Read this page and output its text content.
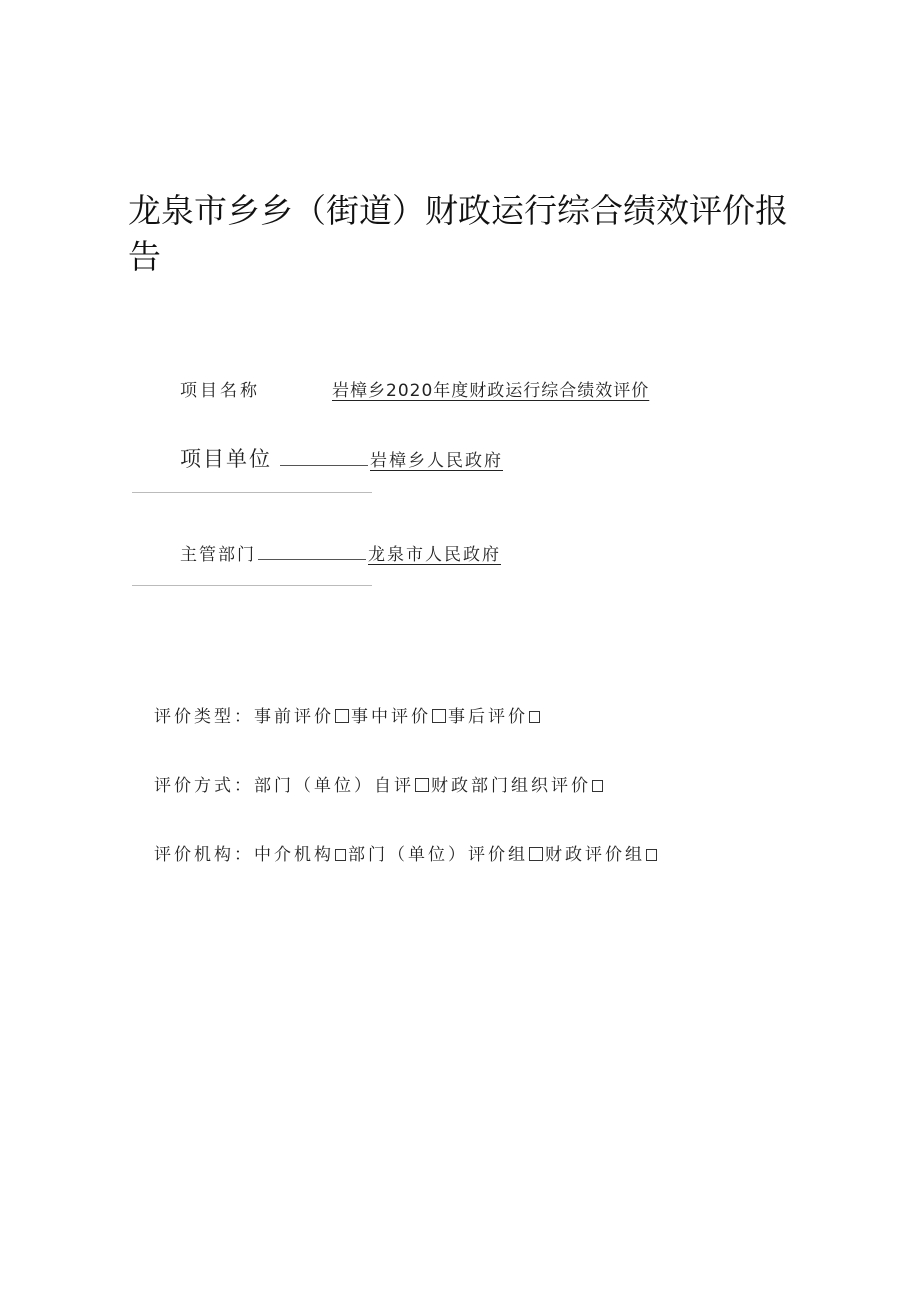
龙泉市乡乡（街道）财政运行综合绩效评价报告
项目名称	岩樟乡2020年度财政运行综合绩效评价
项目单位	岩樟乡人民政府
主管部门	龙泉市人民政府
评价类型：事前评价 事中评价 事后评价
评价方式：部门（单位）自评 财政部门组织评价
评价机构：中介机构 部门（单位）评价组 财政评价组
